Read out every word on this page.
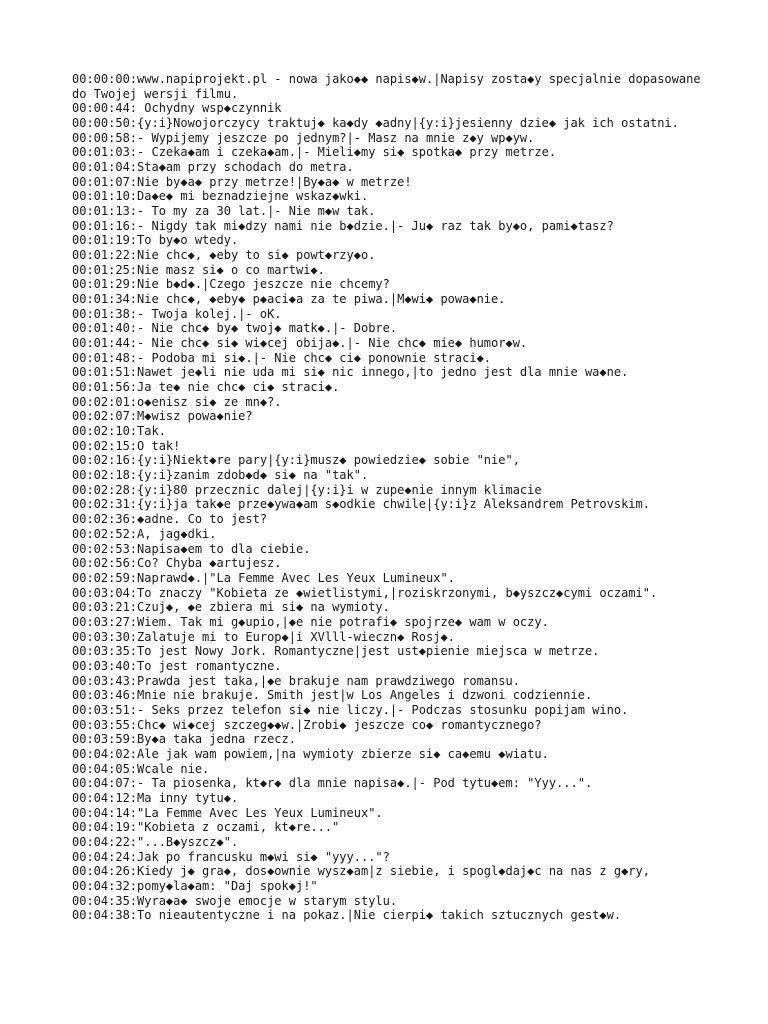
00:00:00:www.napiprojekt.pl - nowa jako◆◆ napis◆w.|Napisy zosta◆y specjalnie dopasowane do Twojej wersji filmu.
00:00:44: Ochydny wsp◆czynnik
00:00:50:{y:i}Nowojorczycy traktuj◆ ka◆dy ◆adny|{y:i}jesienny dzie◆ jak ich ostatni.
00:00:58:- Wypijemy jeszcze po jednym?|- Masz na mnie z◆y wp◆yw.
00:01:03:- Czeka◆am i czeka◆am.|- Mieli◆my si◆ spotka◆ przy metrze.
00:01:04:Sta◆am przy schodach do metra.
00:01:07:Nie by◆a◆ przy metrze!|By◆a◆ w metrze!
00:01:10:Da◆e◆ mi beznadziejne wskaz◆wki.
00:01:13:- To my za 30 lat.|- Nie m◆w tak.
00:01:16:- Nigdy tak mi◆dzy nami nie b◆dzie.|- Ju◆ raz tak by◆o, pami◆tasz?
00:01:19:To by◆o wtedy.
00:01:22:Nie chc◆, ◆eby to si◆ powt◆rzy◆o.
00:01:25:Nie masz si◆ o co martwi◆.
00:01:29:Nie b◆d◆.|Czego jeszcze nie chcemy?
00:01:34:Nie chc◆, ◆eby◆ p◆aci◆a za te piwa.|M◆wi◆ powa◆nie.
00:01:38:- Twoja kolej.|- oK.
00:01:40:- Nie chc◆ by◆ twoj◆ matk◆.|- Dobre.
00:01:44:- Nie chc◆ si◆ wi◆cej obija◆.|- Nie chc◆ mie◆ humor◆w.
00:01:48:- Podoba mi si◆.|- Nie chc◆ ci◆ ponownie straci◆.
00:01:51:Nawet je◆li nie uda mi si◆ nic innego,|to jedno jest dla mnie wa◆ne.
00:01:56:Ja te◆ nie chc◆ ci◆ straci◆.
00:02:01:o◆enisz si◆ ze mn◆?.
00:02:07:M◆wisz powa◆nie?
00:02:10:Tak.
00:02:15:O tak!
00:02:16:{y:i}Niekt◆re pary|{y:i}musz◆ powiedzie◆ sobie "nie",
00:02:18:{y:i}zanim zdob◆d◆ si◆ na "tak".
00:02:28:{y:i}80 przecznic dalej|{y:i}i w zupe◆nie innym klimacie
00:02:31:{y:i}ja tak◆e prze◆ywa◆am s◆odkie chwile|{y:i}z Aleksandrem Petrovskim.
00:02:36:◆adne. Co to jest?
00:02:52:A, jag◆dki.
00:02:53:Napisa◆em to dla ciebie.
00:02:56:Co? Chyba ◆artujesz.
00:02:59:Naprawd◆.|"La Femme Avec Les Yeux Lumineux".
00:03:04:To znaczy "Kobieta ze ◆wietlistymi,|roziskrzonymi, b◆yszcz◆cymi oczami".
00:03:21:Czuj◆, ◆e zbiera mi si◆ na wymioty.
00:03:27:Wiem. Tak mi g◆upio,|◆e nie potrafi◆ spojrze◆ wam w oczy.
00:03:30:Zalatuje mi to Europ◆|i XVlll-wieczn◆ Rosj◆.
00:03:35:To jest Nowy Jork. Romantyczne|jest ust◆pienie miejsca w metrze.
00:03:40:To jest romantyczne.
00:03:43:Prawda jest taka,|◆e brakuje nam prawdziwego romansu.
00:03:46:Mnie nie brakuje. Smith jest|w Los Angeles i dzwoni codziennie.
00:03:51:- Seks przez telefon si◆ nie liczy.|- Podczas stosunku popijam wino.
00:03:55:Chc◆ wi◆cej szczeg◆◆w.|Zrobi◆ jeszcze co◆ romantycznego?
00:03:59:By◆a taka jedna rzecz.
00:04:02:Ale jak wam powiem,|na wymioty zbierze si◆ ca◆emu ◆wiatu.
00:04:05:Wcale nie.
00:04:07:- Ta piosenka, kt◆r◆ dla mnie napisa◆.|- Pod tytu◆em: "Yyy...".
00:04:12:Ma inny tytu◆.
00:04:14:"La Femme Avec Les Yeux Lumineux".
00:04:19:"Kobieta z oczami, kt◆re..."
00:04:22:"...B◆yszcz◆".
00:04:24:Jak po francusku m◆wi si◆ "yyy..."?
00:04:26:Kiedy j◆ gra◆, dos◆ownie wysz◆am|z siebie, i spogl◆daj◆c na nas z g◆ry,
00:04:32:pomy◆la◆am: "Daj spok◆j!"
00:04:35:Wyra◆a◆ swoje emocje w starym stylu.
00:04:38:To nieautentyczne i na pokaz.|Nie cierpi◆ takich sztucznych gest◆w.
